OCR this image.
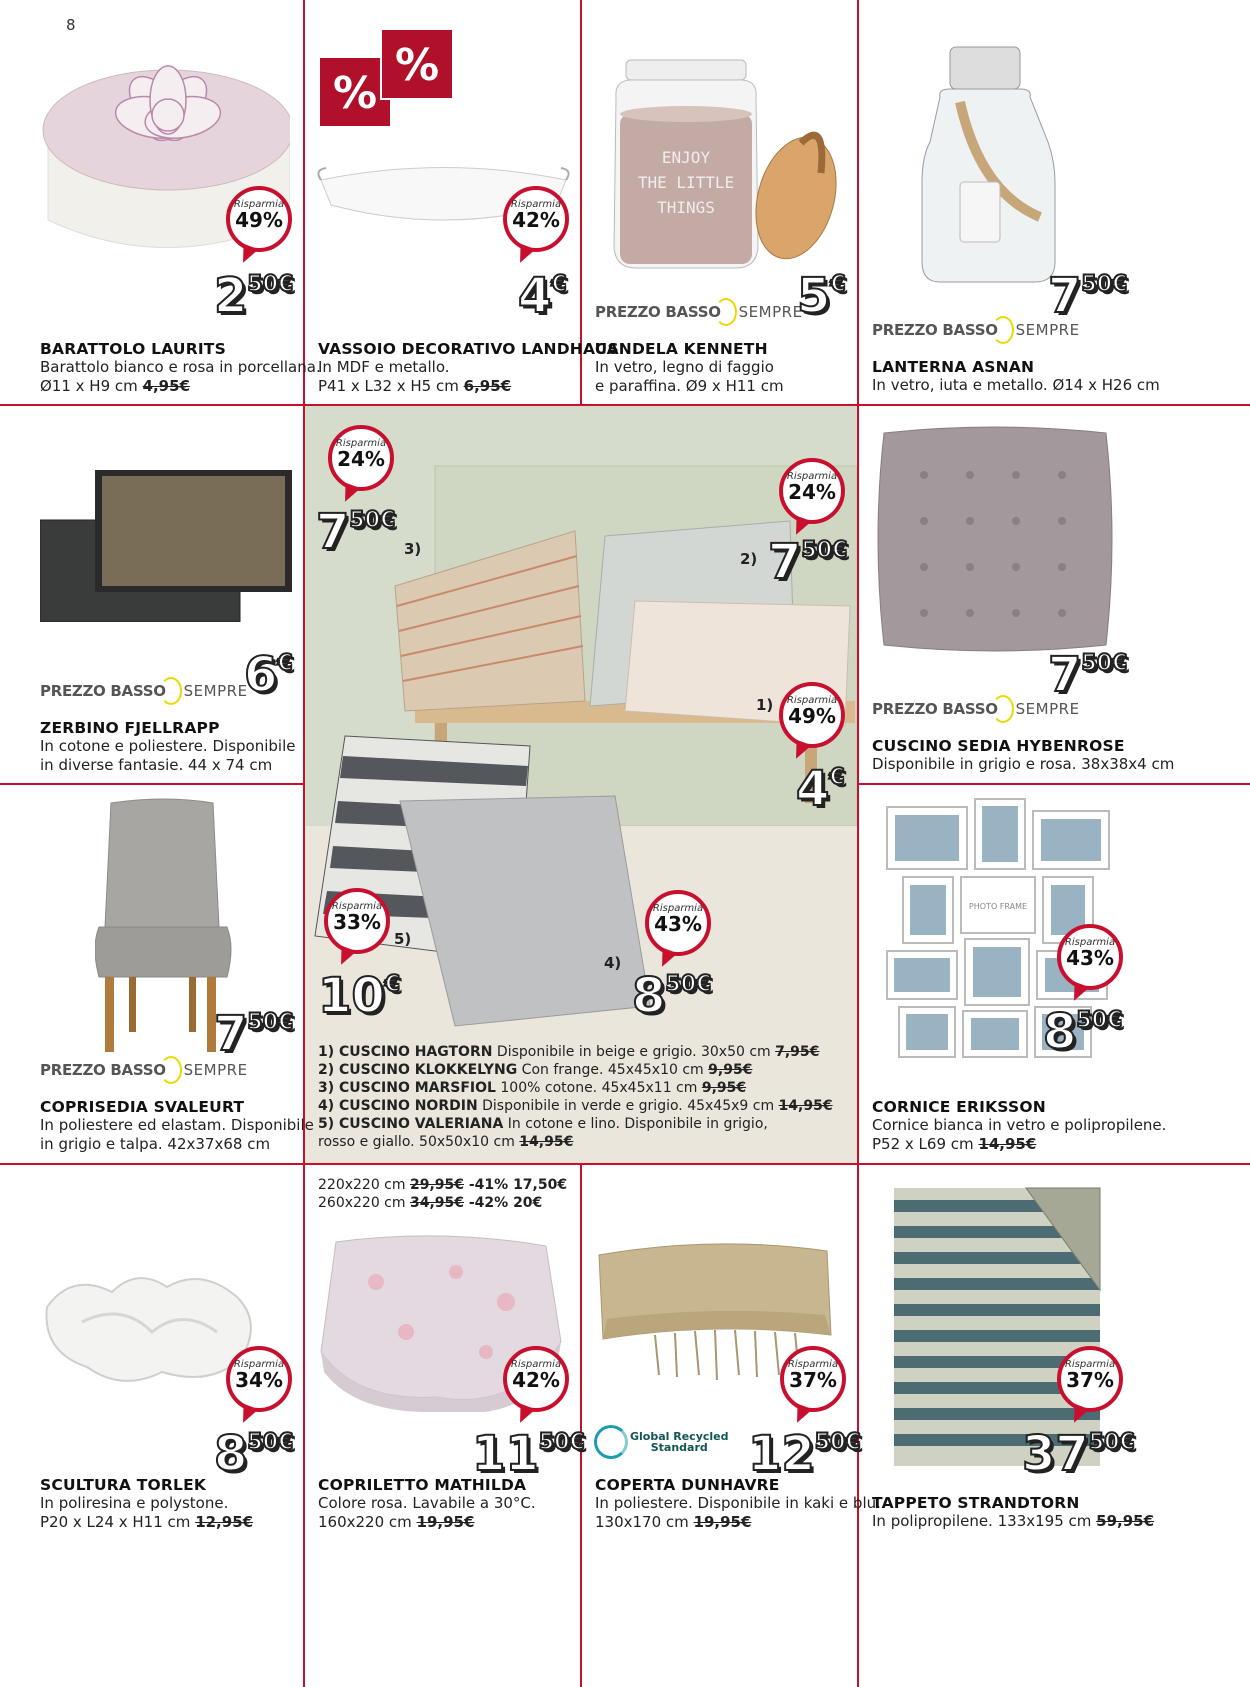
8
Risparmia
49%
250€
BARATTOLO LAURITS
Barattolo bianco e rosa in porcellana.
Ø11 x H9 cm 4,95€
%
%
Risparmia
42%
4€
VASSOIO DECORATIVO LANDHAUS
In MDF e metallo.
P41 x L32 x H5 cm 6,95€
ENJOY
THE LITTLE
THINGS
PREZZO BASSO SEMPRE
5€
CANDELA KENNETH
In vetro, legno di faggio
e paraffina. Ø9 x H11 cm
750€
PREZZO BASSO SEMPRE
LANTERNA ASNAN
In vetro, iuta e metallo. Ø14 x H26 cm
PREZZO BASSO SEMPRE
6€
ZERBINO FJELLRAPP
In cotone e poliestere. Disponibile
in diverse fantasie. 44 x 74 cm
Risparmia
24%
750€
3)
Risparmia
24%
2) 750€
1)	Risparmia
49%
4€
Risparmia
33%
5)
10€
Risparmia
43%
4)
850€
1) CUSCINO HAGTORN Disponibile in beige e grigio. 30x50 cm 7,95€
2) CUSCINO KLOKKELYNG Con frange. 45x45x10 cm 9,95€
3) CUSCINO MARSFIOL 100% cotone. 45x45x11 cm 9,95€
4) CUSCINO NORDIN Disponibile in verde e grigio. 45x45x9 cm 14,95€
5) CUSCINO VALERIANA In cotone e lino. Disponibile in grigio,
rosso e giallo. 50x50x10 cm 14,95€
750€
PREZZO BASSO SEMPRE
CUSCINO SEDIA HYBENROSE
Disponibile in grigio e rosa. 38x38x4 cm
750€
PREZZO BASSO SEMPRE
COPRISEDIA SVALEURT
In poliestere ed elastam. Disponibile
in grigio e talpa. 42x37x68 cm
PHOTO FRAME
Risparmia
43%
850€
CORNICE ERIKSSON
Cornice bianca in vetro e polipropilene.
P52 x L69 cm 14,95€
Risparmia
34%
850€
SCULTURA TORLEK
In poliresina e polystone.
P20 x L24 x H11 cm 12,95€
220x220 cm 29,95€ -41% 17,50€
260x220 cm 34,95€ -42% 20€
Risparmia
42%
1150€
COPRILETTO MATHILDA
Colore rosa. Lavabile a 30°C.
160x220 cm 19,95€
Risparmia
37%
Global Recycled
Standard 1250€
COPERTA DUNHAVRE
In poliestere. Disponibile in kaki e blu.
130x170 cm 19,95€
Risparmia
37%
3750€
TAPPETO STRANDTORN
In polipropilene. 133x195 cm 59,95€
